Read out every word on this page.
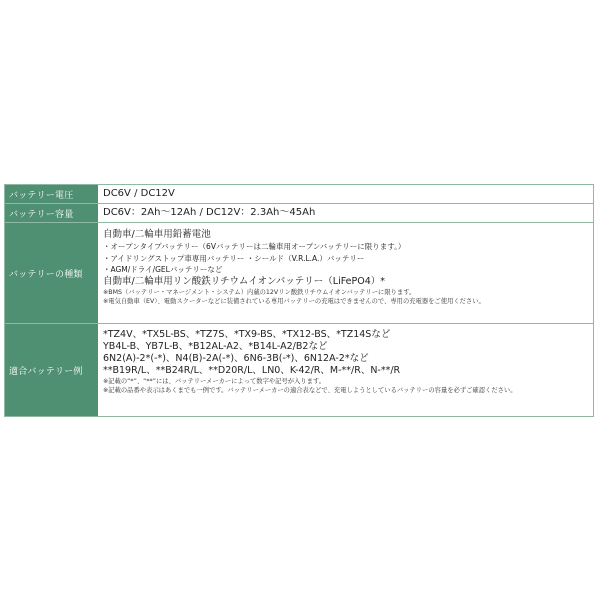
バッテリー電圧	DC6V / DC12V
バッテリー容量	DC6V：2Ah～12Ah / DC12V：2.3Ah～45Ah
バッテリーの種類

自動車/二輪車用鉛蓄電池

・オープンタイプバッテリー（6Vバッテリーは二輪車用オープンバッテリーに限ります。）

・アイドリングストップ車専用バッテリー ・シールド（V.R.L.A.）バッテリー

・AGM/ドライ/GELバッテリーなど

自動車/二輪車用リン酸鉄リチウムイオンバッテリー（LiFePO4）*

※BMS（バッテリー・マネージメント・システム）内蔵の12Vリン酸鉄リチウムイオンバッテリーに限ります。

※電気自動車（EV）、電動スクーターなどに装備されている専用バッテリーの充電はできませんので、専用の充電器をご使用ください。

適合バッテリー例

*TZ4V、*TX5L-BS、*TZ7S、*TX9-BS、*TX12-BS、*TZ14Sなど

YB4L-B、YB7L-B、*B12AL-A2、*B14L-A2/B2など

6N2(A)-2*(-*)、N4(B)-2A(-*)、6N6-3B(-*)、6N12A-2*など

**B19R/L、**B24R/L、**D20R/L、LN0、K-42/R、M-**/R、N-**/R

※記載の“*”、“**”には、バッテリーメーカーによって数字や記号が入ります。

※記載の品番や表示はあくまでも一例です。バッテリーメーカーの適合表などで、充電しようとしているバッテリーの容量を必ずご確認ください。
